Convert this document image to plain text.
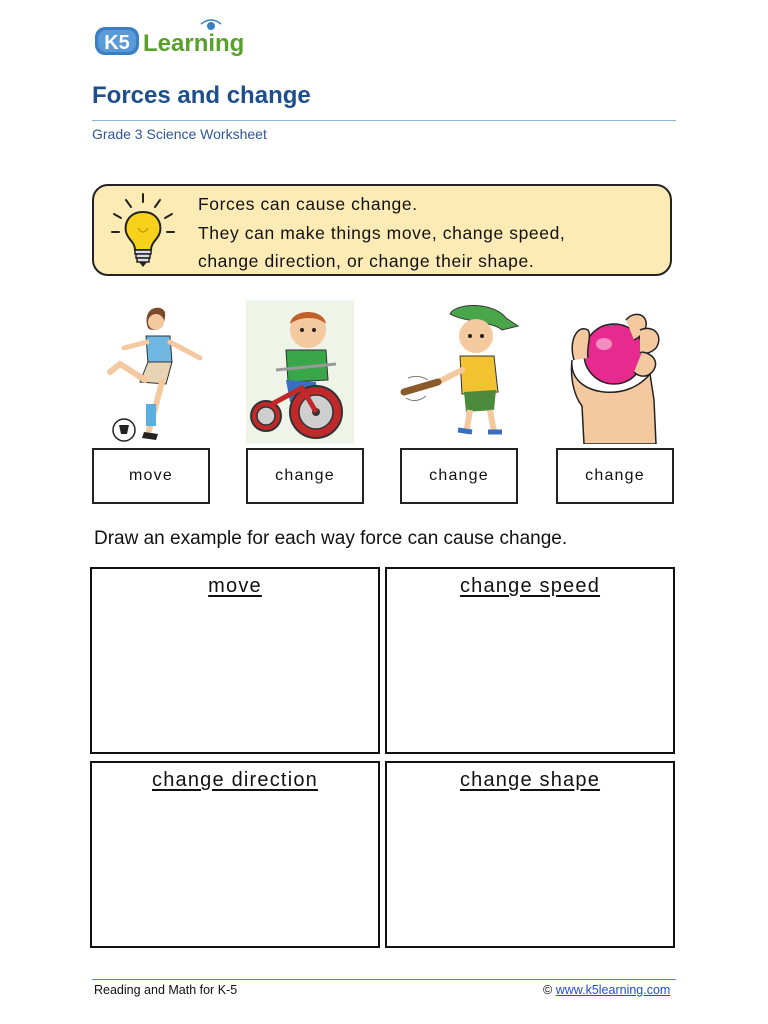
K5 Learning
Forces and change
Grade 3 Science Worksheet
Forces can cause change.
They can make things move, change speed,
change direction, or change their shape.
move	change	change	change
Draw an example for each way force can cause change.
move	change speed
change direction	change shape
Reading and Math for K-5	© www.k5learning.com
